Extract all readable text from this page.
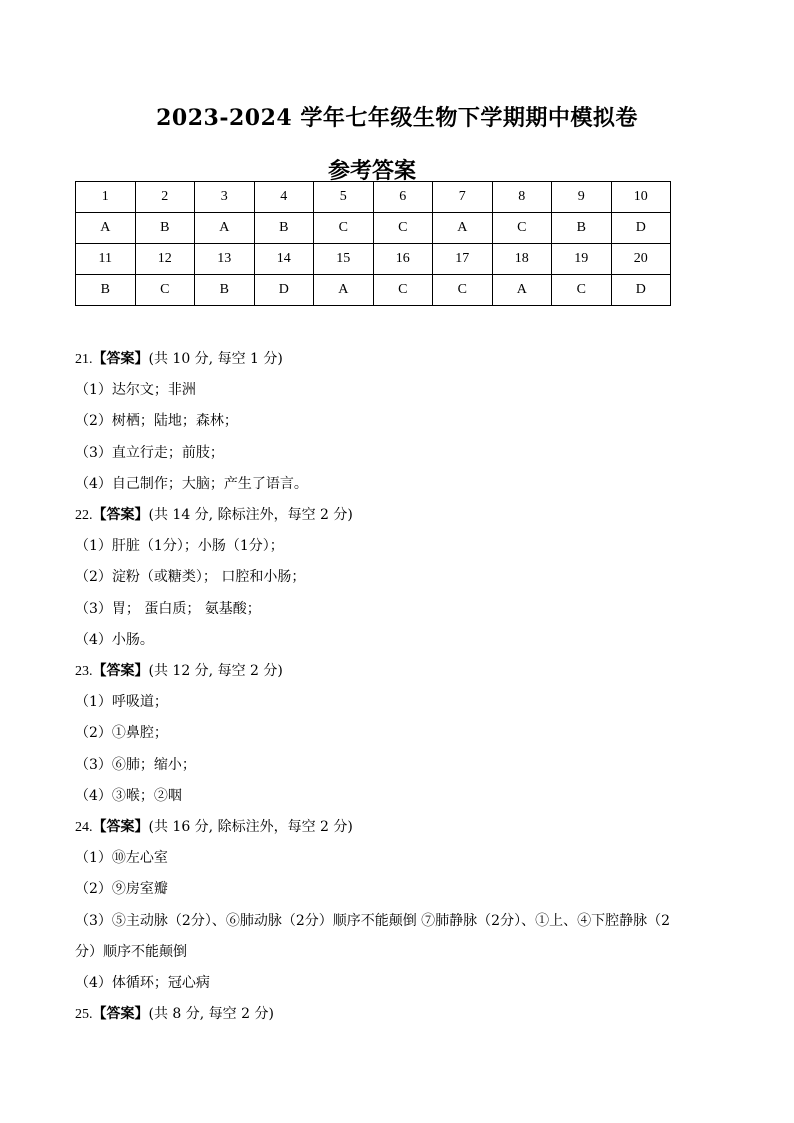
2023-2024 学年七年级生物下学期期中模拟卷
参考答案
1	2	3	4	5	6	7	8	9	10
A	B	A	B	C	C	A	C	B	D
11	12	13	14	15	16	17	18	19	20
B	C	B	D	A	C	C	A	C	D
21.【答案】(共 10 分, 每空 1 分)
（1）达尔文；非洲
（2）树栖；陆地；森林；
（3）直立行走；前肢；
（4）自己制作；大脑；产生了语言。
22.【答案】(共 14 分, 除标注外，每空 2 分)
（1）肝脏（1分）；小肠（1分）；
（2）淀粉（或糖类）； 口腔和小肠；
（3）胃； 蛋白质； 氨基酸；
（4）小肠。
23.【答案】(共 12 分, 每空 2 分)
（1）呼吸道；
（2）①鼻腔；
（3）⑥肺；缩小；
（4）③喉；②咽
24.【答案】(共 16 分, 除标注外，每空 2 分)
（1）⑩左心室
（2）⑨房室瓣
（3）⑤主动脉（2分）、⑥肺动脉（2分）顺序不能颠倒 ⑦肺静脉（2分）、①上、④下腔静脉（2
分）顺序不能颠倒
（4）体循环；冠心病
25.【答案】(共 8 分, 每空 2 分)
